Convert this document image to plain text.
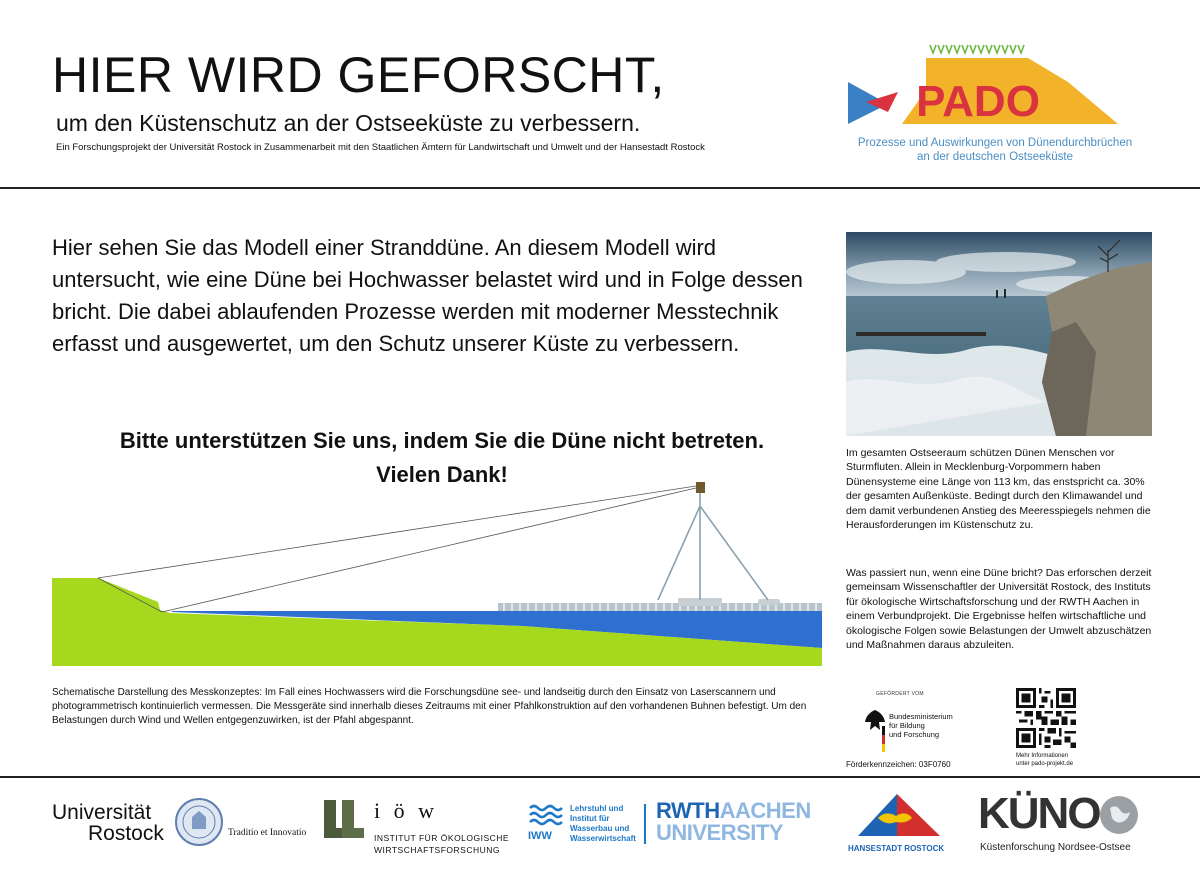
HIER WIRD GEFORSCHT,
um den Küstenschutz an der Ostseeküste zu verbessern.
Ein Forschungsprojekt der Universität Rostock in Zusammenarbeit mit den Staatlichen Ämtern für Landwirtschaft und Umwelt und der Hansestadt Rostock
PADO
Prozesse und Auswirkungen von Dünendurchbrüchen
an der deutschen Ostseeküste
Hier sehen Sie das Modell einer Stranddüne. An diesem Modell wird untersucht, wie eine Düne bei Hochwasser belastet wird und in Folge dessen bricht. Die dabei ablaufenden Prozesse werden mit moderner Messtechnik erfasst und ausgewertet, um den Schutz unserer Küste zu verbessern.
Bitte unterstützen Sie uns, indem Sie die Düne nicht betreten.
Vielen Dank!
Schematische Darstellung des Messkonzeptes: Im Fall eines Hochwassers wird die Forschungsdüne see- und landseitig durch den Einsatz von Laserscannern und photogrammetrisch kontinuierlich vermessen. Die Messgeräte sind innerhalb dieses Zeitraums mit einer Pfahlkonstruktion auf den vorhandenen Buhnen befestigt. Um den Belastungen durch Wind und Wellen entgegenzuwirken, ist der Pfahl abgespannt.
Im gesamten Ostseeraum schützen Dünen Menschen vor Sturmfluten. Allein in Mecklenburg-Vorpommern haben Dünensysteme eine Länge von 113 km, das enstspricht ca. 30% der gesamten Außenküste. Bedingt durch den Klimawandel und dem damit verbundenen Anstieg des Meeresspiegels nehmen die Herausforderungen im Küstenschutz zu.
Was passiert nun, wenn eine Düne bricht? Das erforschen derzeit gemeinsam Wissenschaftler der Universität Rostock, des Instituts für ökologische Wirtschaftsforschung und der RWTH Aachen in einem Verbundprojekt. Die Ergebnisse helfen wirtschaftliche und ökologische Folgen sowie Belastungen der Umwelt abzuschätzen und Maßnahmen daraus abzuleiten.
GEFÖRDERT VOM
Bundesministerium
für Bildung
und Forschung
Förderkennzeichen: 03F0760
Mehr Informationen
unter pado-projekt.de
Universität
Rostock	Traditio et Innovatio
i ö w
INSTITUT FÜR ÖKOLOGISCHE
WIRTSCHAFTSFORSCHUNG
IWW
Lehrstuhl und
Institut für
Wasserbau und
Wasserwirtschaft
RWTHAACHEN
UNIVERSITY
HANSESTADT ROSTOCK
KÜNO
Küstenforschung Nordsee-Ostsee
